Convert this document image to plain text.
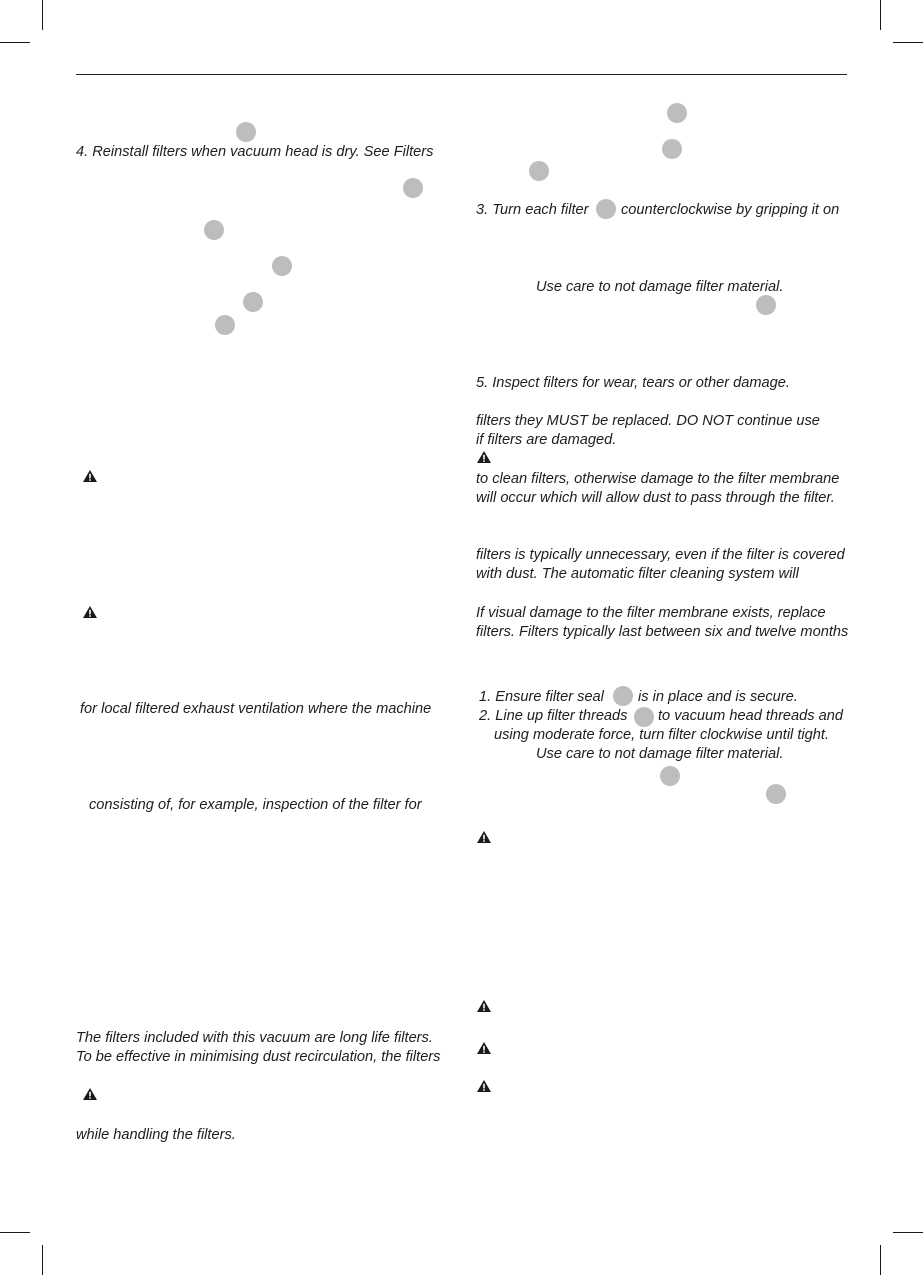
4. Reinstall filters when vacuum head is dry. See Filters

for local filtered exhaust ventilation where the machine

consisting of, for example, inspection of the filter for

The filters included with this vacuum are long life filters.

To be effective in minimising dust recirculation, the filters

while handling the filters.

3. Turn each filter counterclockwise by gripping it on

Use care to not damage filter material.

5. Inspect filters for wear, tears or other damage.

filters they MUST be replaced. DO NOT continue use

if filters are damaged.

to clean filters, otherwise damage to the filter membrane

will occur which will allow dust to pass through the filter.

filters is typically unnecessary, even if the filter is covered

with dust. The automatic filter cleaning system will

If visual damage to the filter membrane exists, replace

filters. Filters typically last between six and twelve months

1. Ensure filter seal is in place and is secure.

2. Line up filter threads to vacuum head threads and

using moderate force, turn filter clockwise until tight.

Use care to not damage filter material.
